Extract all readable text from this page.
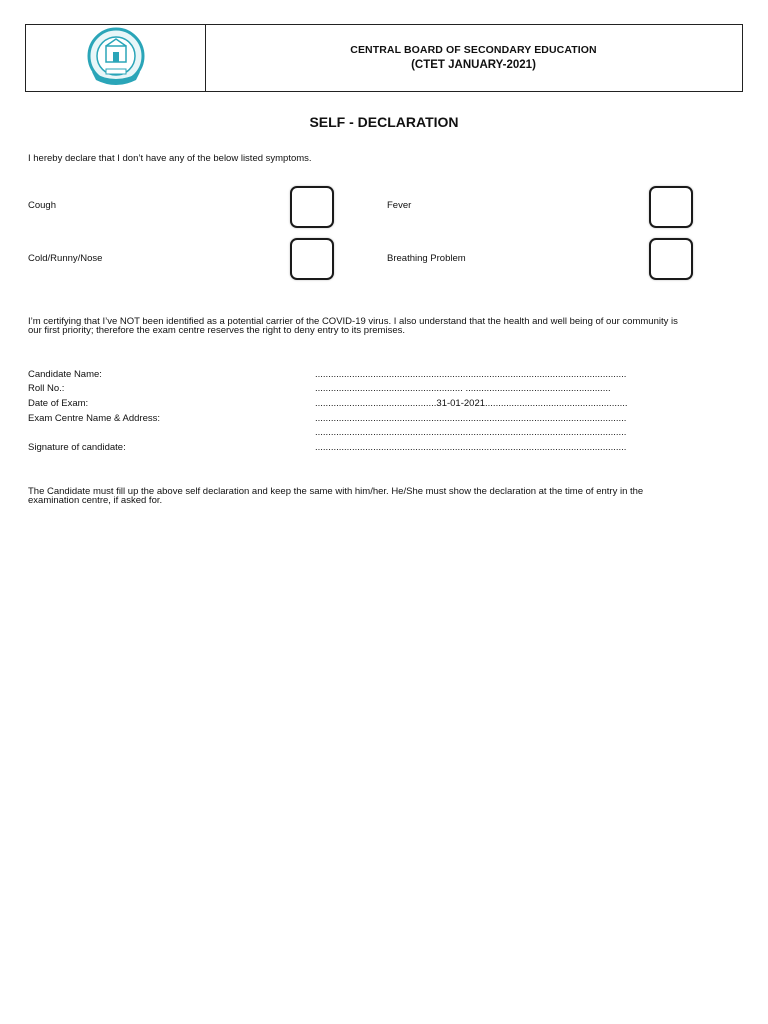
CENTRAL BOARD OF SECONDARY EDUCATION
(CTET JANUARY-2021)
SELF - DECLARATION
I hereby declare that I don’t have any of the below listed symptoms.
Cough	Fever
Cold/Runny/Nose	Breathing Problem
I’m certifying that I’ve NOT been identified as a potential carrier of the COVID-19 virus. I also understand that the health and well being of our community is
our first priority; therefore the exam centre reserves the right to deny entry to its premises.
Candidate Name:	......................................................................................................................
Roll No.:	........................................................ .......................................................
Date of Exam:	..............................................31-01-2021......................................................
Exam Centre Name & Address:	......................................................................................................................
......................................................................................................................
Signature of candidate:	......................................................................................................................
The Candidate must fill up the above self declaration and keep the same with him/her. He/She must show the declaration at the time of entry in the
examination centre, if asked for.
